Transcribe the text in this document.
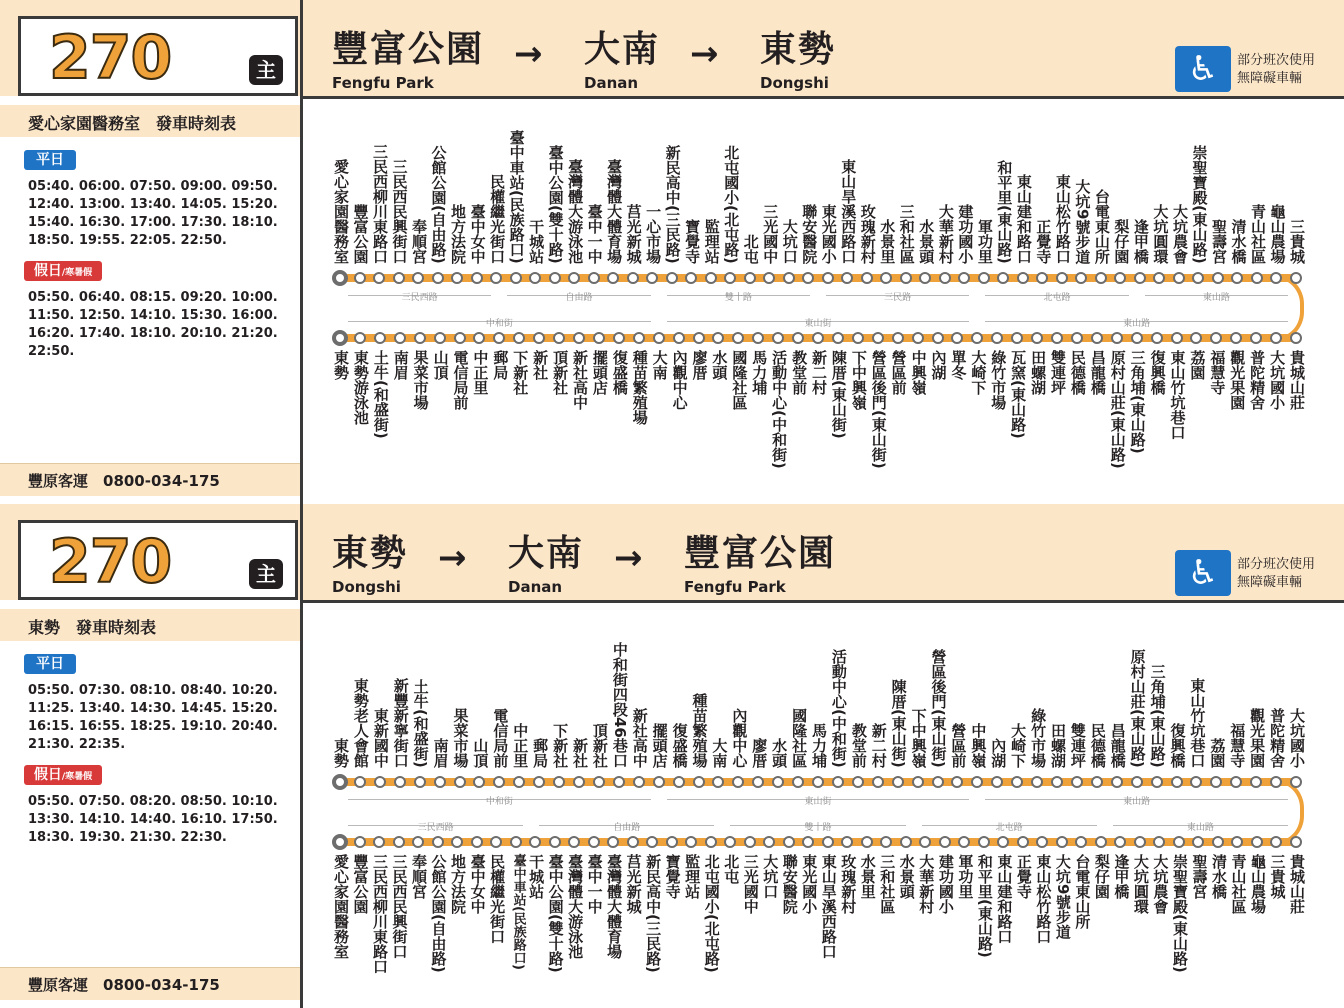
270	主
愛心家園醫務室　發車時刻表
平日
05:40. 06:00. 07:50. 09:00. 09:50.
12:40. 13:00. 13:40. 14:05. 15:20.
15:40. 16:30. 17:00. 17:30. 18:10.
18:50. 19:55. 22:05. 22:50.
假日/寒暑假
05:50. 06:40. 08:15. 09:20. 10:00.
11:50. 12:50. 14:10. 15:30. 16:00.
16:20. 17:40. 18:10. 20:10. 21:20.
22:50.
豐原客運　0800-034-175
豐富公園
Fengfu Park
→ 大南
Danan
→ 東勢
Dongshi	♿	部分班次使用
無障礙車輛
愛心家園醫務室 豐富公園 三民西柳川東路口 三民西民興街口 奉順宮 公館公園(自由路) 地方法院 臺中女中 民權繼光街口 臺中車站(民族路口) 干城站 臺中公園(雙十路) 臺灣體大游泳池 臺中一中 臺灣體大體育場 莒光新城 一心市場 新民高中(三民路) 寶覺寺 監理站 北屯國小(北屯路) 北屯 三光國中 大坑口 聯安醫院 東光國小 東山旱溪西路口 玫瑰新村 水景里 三和社區 水景頭 大華新村 建功國小 軍功里 和平里(東山路) 東山建和路口 正覺寺 東山松竹路口 大坑9號步道 台電東山所 梨仔園 逢甲橋 大坑圓環 大坑農會 崇聖寶殿(東山路) 聖壽宮 清水橋 青山社區 龜山農場 三貴城
東勢 東勢游泳池 土牛(和盛街) 南眉 果菜市場 山頂 電信局前 中正里 郵局 下新社 新社 頂新社 新社高中 擺頭店 復盛橋 種苗繁殖場 大南 內觀中心 廖厝 水頭 國隆社區 馬力埔 活動中心(中和街) 教堂前 新二村 陳厝(東山街) 下中興嶺 營區後門(東山街) 營區前 中興嶺 內湖 單冬 大崎下 綠竹市場 瓦窯(東山路) 田螺湖 雙連坪 民德橋 昌龍橋 原村山莊(東山路) 三角埔(東山路) 復興橋 東山竹坑巷口 荔園 福慧寺 觀光果園 普陀精舍 大坑國小 貴城山莊
三民西路	自由路	雙十路	三民路	北屯路	東山路
中和街	東山街	東山路
270	主
東勢　發車時刻表
平日
05:50. 07:30. 08:10. 08:40. 10:20.
11:25. 13:40. 14:30. 14:45. 15:20.
16:15. 16:55. 18:25. 19:10. 20:40.
21:30. 22:35.
假日/寒暑假
05:50. 07:50. 08:20. 08:50. 10:10.
13:30. 14:10. 14:40. 16:10. 17:50.
18:30. 19:30. 21:30. 22:30.
豐原客運　0800-034-175
東勢
Dongshi
→ 大南
Danan
→ 豐富公園
Fengfu Park	♿	部分班次使用
無障礙車輛
東勢 東勢老人會館 東新國中 新豐新寧街口 土牛(和盛街) 南眉 果菜市場 山頂 電信局前 中正里 郵局 下新社 新社 頂新社 中和街四段46巷口 新社高中 擺頭店 復盛橋 種苗繁殖場 大南 內觀中心 廖厝 水頭 國隆社區 馬力埔 活動中心(中和街) 教堂前 新二村 陳厝(東山街) 下中興嶺 營區後門(東山街) 營區前 中興嶺 內湖 大崎下 綠竹市場 田螺湖 雙連坪 民德橋 昌龍橋 原村山莊(東山路) 三角埔(東山路) 復興橋 東山竹坑巷口 荔園 福慧寺 觀光果園 普陀精舍 大坑國小
愛心家園醫務室 豐富公園 三民西柳川東路口 三民西民興街口 奉順宮 公館公園(自由路) 地方法院 臺中女中 民權繼光街口 臺中車站(民族路口) 干城站 臺中公園(雙十路) 臺灣體大游泳池 臺中一中 臺灣體大體育場 莒光新城 新民高中(三民路) 寶覺寺 監理站 北屯國小(北屯路) 北屯 三光國中 大坑口 聯安醫院 東光國小 東山旱溪西路口 玫瑰新村 水景里 三和社區 水景頭 大華新村 建功國小 軍功里 和平里(東山路) 東山建和路口 正覺寺 東山松竹路口 大坑9號步道 台電東山所 梨仔園 逢甲橋 大坑圓環 大坑農會 崇聖寶殿(東山路) 聖壽宮 清水橋 青山社區 龜山農場 三貴城 貴城山莊
中和街	東山街	東山路
三民西路	自由路	雙十路	北屯路	東山路
